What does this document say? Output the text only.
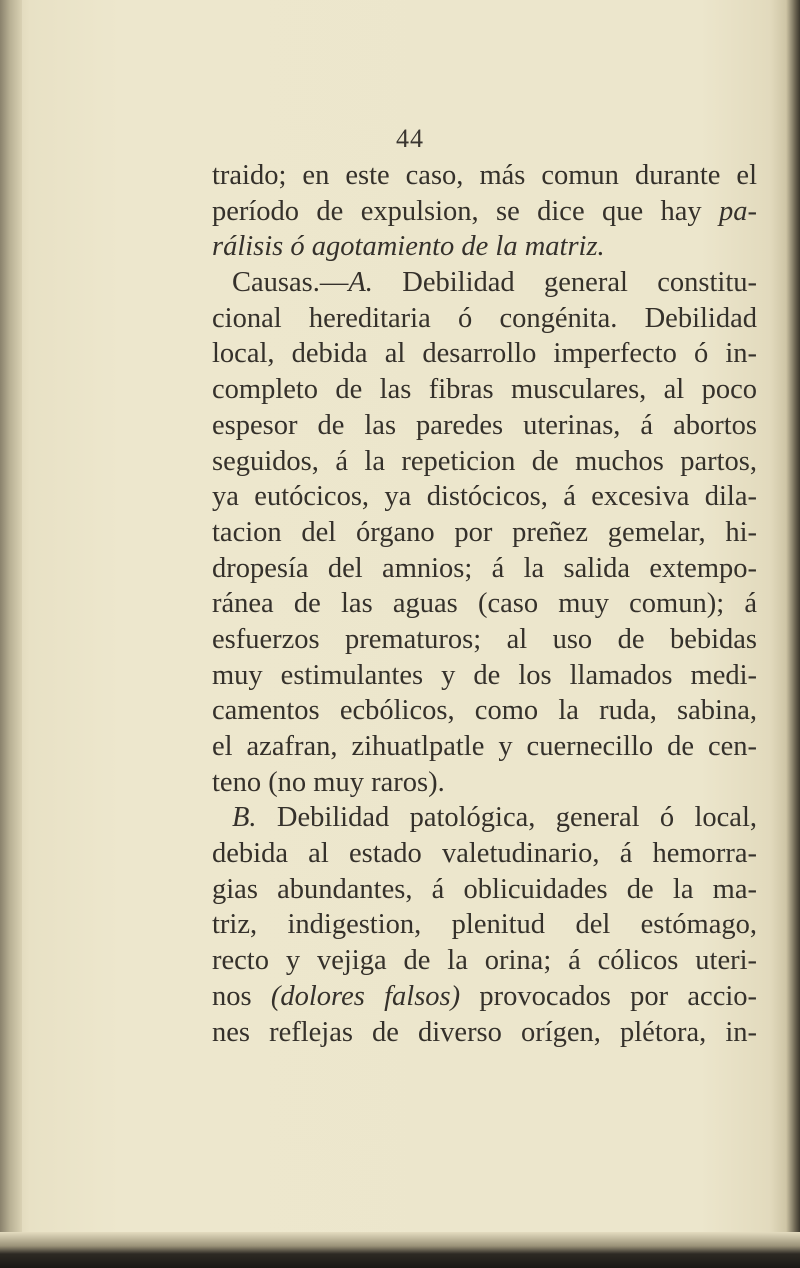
44
traido; en este caso, más comun durante el
período de expulsion, se dice que hay pa-
rálisis ó agotamiento de la matriz.
Causas.—A. Debilidad general constitu-
cional hereditaria ó congénita. Debilidad
local, debida al desarrollo imperfecto ó in-
completo de las fibras musculares, al poco
espesor de las paredes uterinas, á abortos
seguidos, á la repeticion de muchos partos,
ya eutócicos, ya distócicos, á excesiva dila-
tacion del órgano por preñez gemelar, hi-
dropesía del amnios; á la salida extempo-
ránea de las aguas (caso muy comun); á
esfuerzos prematuros; al uso de bebidas
muy estimulantes y de los llamados medi-
camentos ecbólicos, como la ruda, sabina,
el azafran, zihuatlpatle y cuernecillo de cen-
teno (no muy raros).
B. Debilidad patológica, general ó local,
debida al estado valetudinario, á hemorra-
gias abundantes, á oblicuidades de la ma-
triz, indigestion, plenitud del estómago,
recto y vejiga de la orina; á cólicos uteri-
nos (dolores falsos) provocados por accio-
nes reflejas de diverso orígen, plétora, in-
